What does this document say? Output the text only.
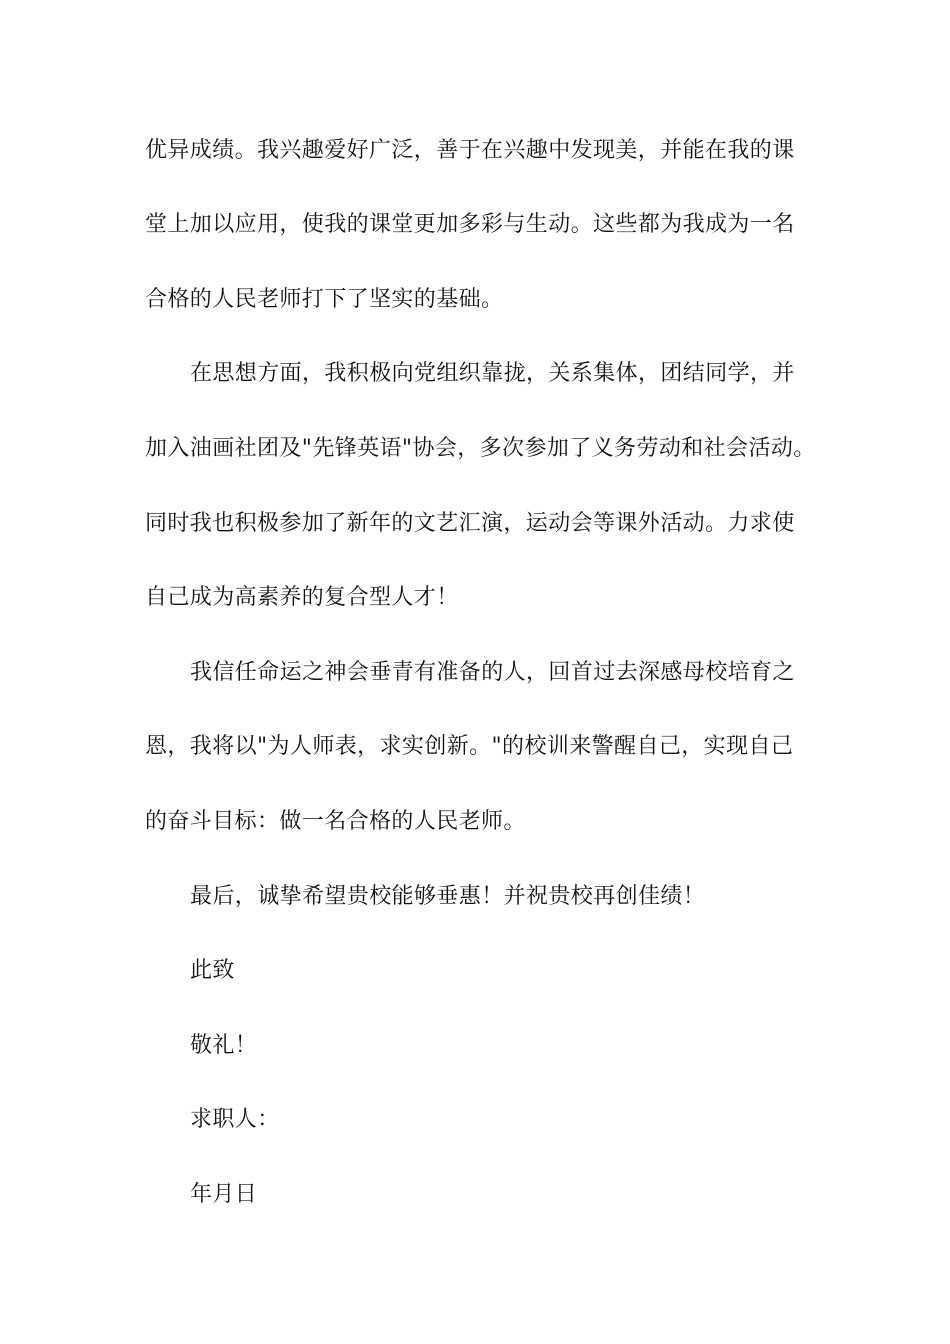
优异成绩。我兴趣爱好广泛，善于在兴趣中发现美，并能在我的课
堂上加以应用，使我的课堂更加多彩与生动。这些都为我成为一名
合格的人民老师打下了坚实的基础。
在思想方面，我积极向党组织靠拢，关系集体，团结同学，并
加入油画社团及"先锋英语"协会，多次参加了义务劳动和社会活动。
同时我也积极参加了新年的文艺汇演，运动会等课外活动。力求使
自己成为高素养的复合型人才！
我信任命运之神会垂青有准备的人，回首过去深感母校培育之
恩，我将以"为人师表，求实创新。"的校训来警醒自己，实现自己
的奋斗目标：做一名合格的人民老师。
最后，诚挚希望贵校能够垂惠！并祝贵校再创佳绩！
此致
敬礼！
求职人：
年月日
